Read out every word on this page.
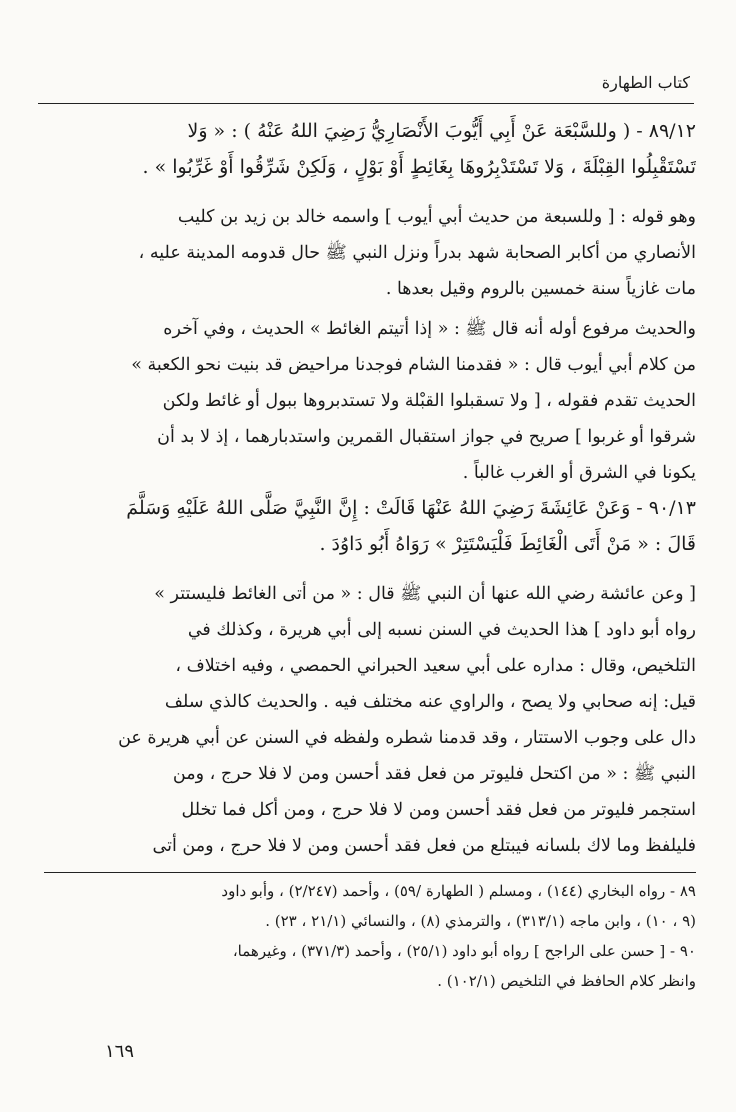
كتاب الطهارة
٨٩/١٢ - ( وللسَّبْعَة عَنْ أَبِي أَيُّوبَ الأَنْصَارِيُّ رَضِيَ اللهُ عَنْهُ ) : « وَلا
تَسْتَقْبِلُوا القِبْلَةَ ، وَلا تَسْتَدْبِرُوهَا بِغَائِطٍ أَوْ بَوْلٍ ، وَلَكِنْ شَرِّقُوا أَوْ غَرِّبُوا » .
وهو قوله : [ وللسبعة من حديث أبي أيوب ] واسمه خالد بن زيد بن كليب
الأنصاري من أكابر الصحابة شهد بدراً ونزل النبي ﷺ حال قدومه المدينة عليه ،
مات غازياً سنة خمسين بالروم وقيل بعدها .
والحديث مرفوع أوله أنه قال ﷺ : « إذا أتيتم الغائط » الحديث ، وفي آخره
من كلام أبي أيوب قال : « فقدمنا الشام فوجدنا مراحيض قد بنيت نحو الكعبة »
الحديث تقدم فقوله ، [ ولا تسقبلوا القبْلة ولا تستدبروها ببول أو غائط ولكن
شرقوا أو غربوا ] صريح في جواز استقبال القمرين واستدبارهما ، إذ لا بد أن
يكونا في الشرق أو الغرب غالباً .
٩٠/١٣ - وَعَنْ عَائِشَةَ رَضِيَ اللهُ عَنْهَا قَالَتْ : إِنَّ النَّبِيَّ صَلَّى اللهُ عَلَيْهِ وَسَلَّمَ
قَالَ : « مَنْ أَتَى الْغَائِطَ فَلْيَسْتَتِرْ » رَوَاهُ أَبُو دَاوُدَ .
[ وعن عائشة رضي الله عنها أن النبي ﷺ قال : « من أتى الغائط فليستتر »
رواه أبو داود ] هذا الحديث في السنن نسبه إلى أبي هريرة ، وكذلك في
التلخيص، وقال : مداره على أبي سعيد الحبراني الحمصي ، وفيه اختلاف ،
قيل: إنه صحابي ولا يصح ، والراوي عنه مختلف فيه . والحديث كالذي سلف
دال على وجوب الاستتار ، وقد قدمنا شطره ولفظه في السنن عن أبي هريرة عن
النبي ﷺ : « من اكتحل فليوتر من فعل فقد أحسن ومن لا فلا حرج ، ومن
استجمر فليوتر من فعل فقد أحسن ومن لا فلا حرج ، ومن أكل فما تخلل
فليلفظ وما لاك بلسانه فيبتلع من فعل فقد أحسن ومن لا فلا حرج ، ومن أتى
٨٩ - رواه البخاري (١٤٤) ، ومسلم ( الطهارة /٥٩) ، وأحمد (٢/٢٤٧) ، وأبو داود
(٩ ، ١٠) ، وابن ماجه (٣١٣/١) ، والترمذي (٨) ، والنسائي (٢١/١ ، ٢٣) .
٩٠ - [ حسن على الراجح ] رواه أبو داود (٢٥/١) ، وأحمد (٣٧١/٣) ، وغيرهما،
وانظر كلام الحافظ في التلخيص (١٠٢/١) .
١٦٩
